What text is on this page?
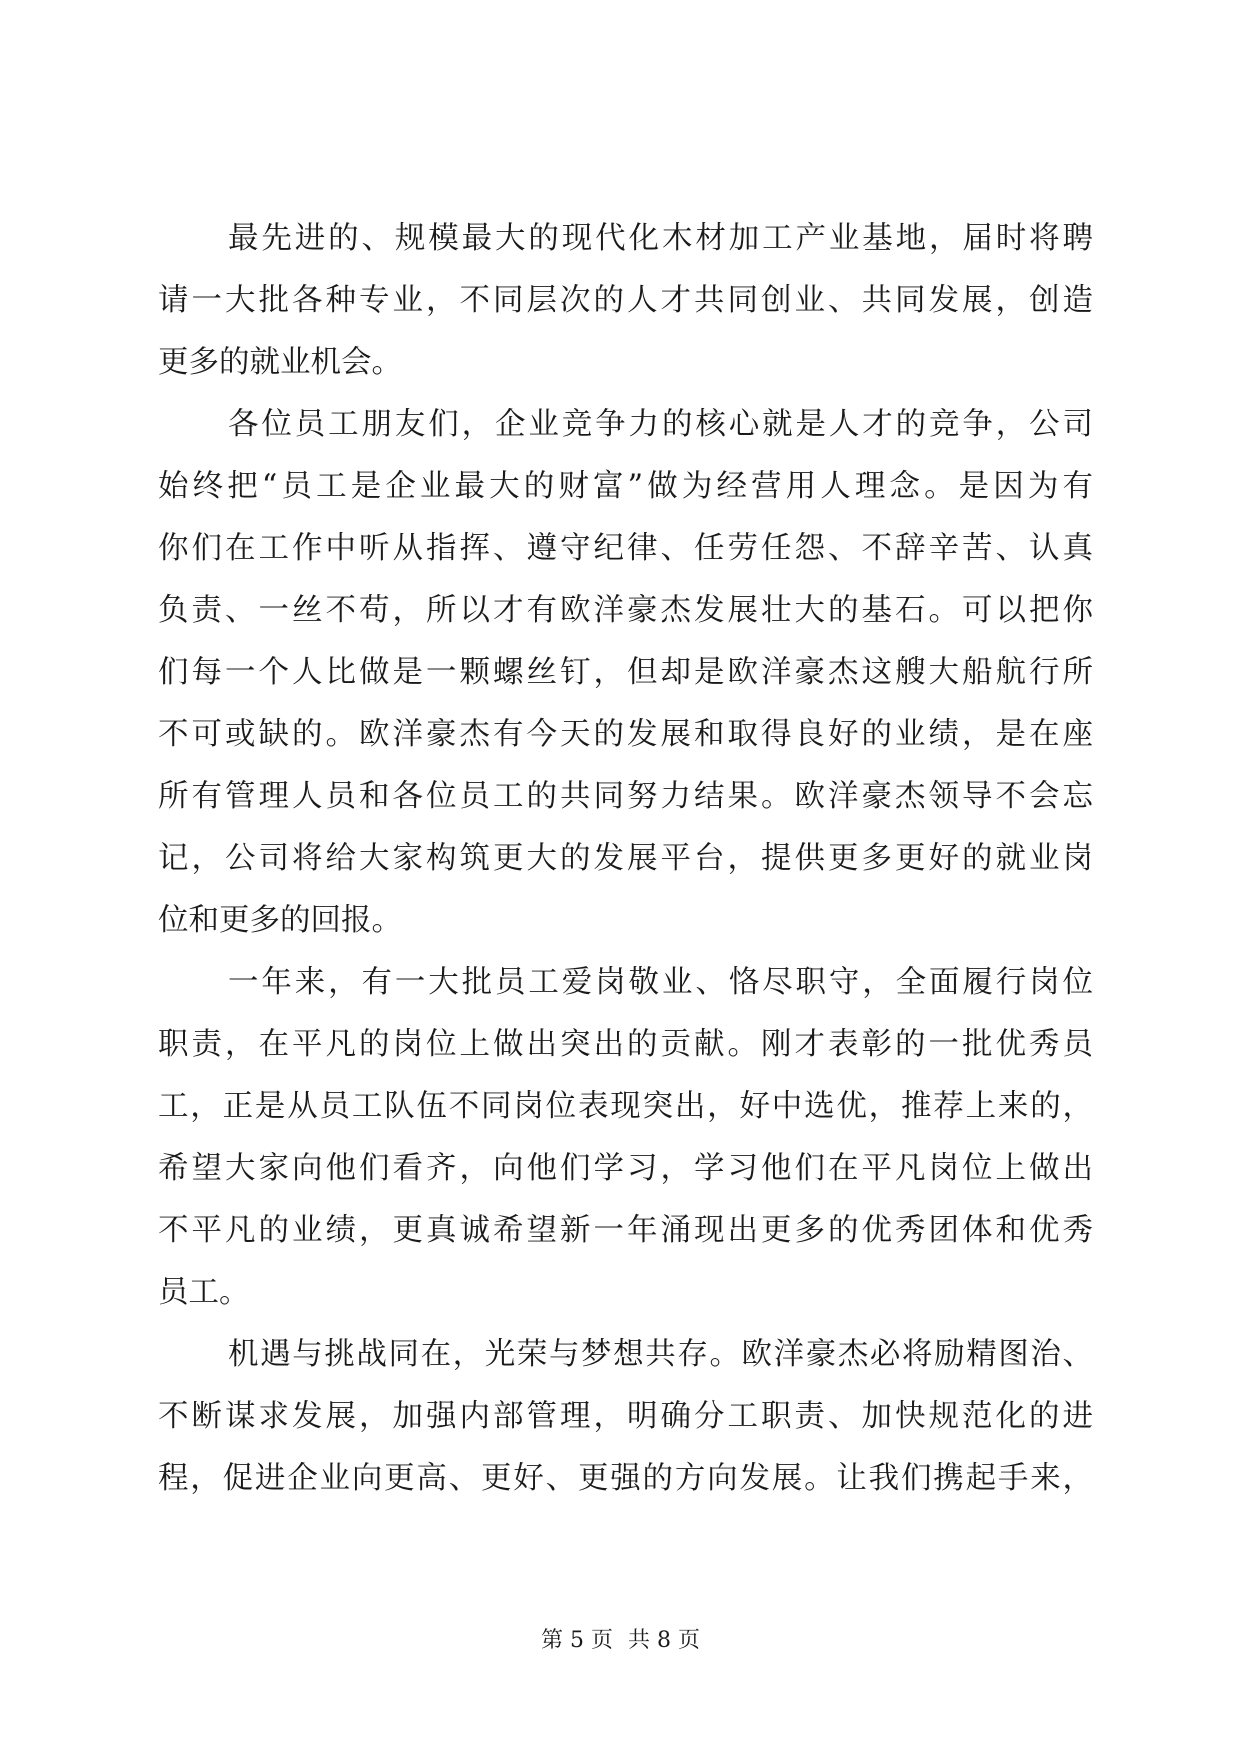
最先进的、规模最大的现代化木材加工产业基地，届时将聘
请一大批各种专业，不同层次的人才共同创业、共同发展，创造
更多的就业机会。
各位员工朋友们，企业竞争力的核心就是人才的竞争，公司
始终把“员工是企业最大的财富”做为经营用人理念。是因为有
你们在工作中听从指挥、遵守纪律、任劳任怨、不辞辛苦、认真
负责、一丝不苟，所以才有欧洋豪杰发展壮大的基石。可以把你
们每一个人比做是一颗螺丝钉，但却是欧洋豪杰这艘大船航行所
不可或缺的。欧洋豪杰有今天的发展和取得良好的业绩，是在座
所有管理人员和各位员工的共同努力结果。欧洋豪杰领导不会忘
记，公司将给大家构筑更大的发展平台，提供更多更好的就业岗
位和更多的回报。
一年来，有一大批员工爱岗敬业、恪尽职守，全面履行岗位
职责，在平凡的岗位上做出突出的贡献。刚才表彰的一批优秀员
工，正是从员工队伍不同岗位表现突出，好中选优，推荐上来的，
希望大家向他们看齐，向他们学习，学习他们在平凡岗位上做出
不平凡的业绩，更真诚希望新一年涌现出更多的优秀团体和优秀
员工。
机遇与挑战同在，光荣与梦想共存。欧洋豪杰必将励精图治、
不断谋求发展，加强内部管理，明确分工职责、加快规范化的进
程，促进企业向更高、更好、更强的方向发展。让我们携起手来，
第 5 页 共 8 页
